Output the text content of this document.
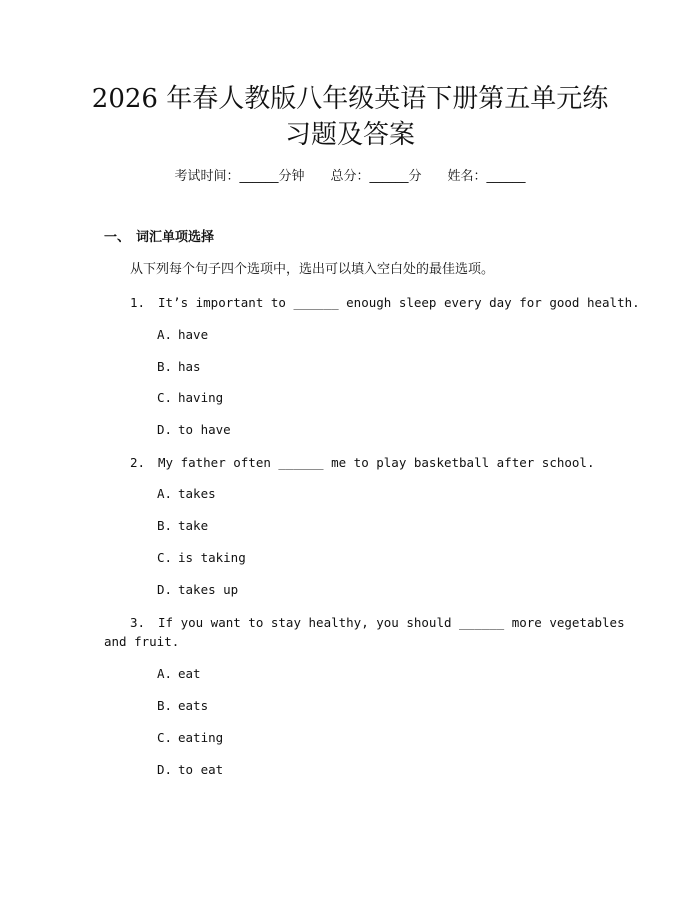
2026 年春人教版八年级英语下册第五单元练
习题及答案
考试时间：______分钟 总分：______分 姓名：______
一、 词汇单项选择
从下列每个句子四个选项中，选出可以填入空白处的最佳选项。
1. It’s important to ______ enough sleep every day for good health.
A. have
B. has
C. having
D. to have
2. My father often ______ me to play basketball after school.
A. takes
B. take
C. is taking
D. takes up
3. If you want to stay healthy, you should ______ more vegetables
and fruit.
A. eat
B. eats
C. eating
D. to eat
